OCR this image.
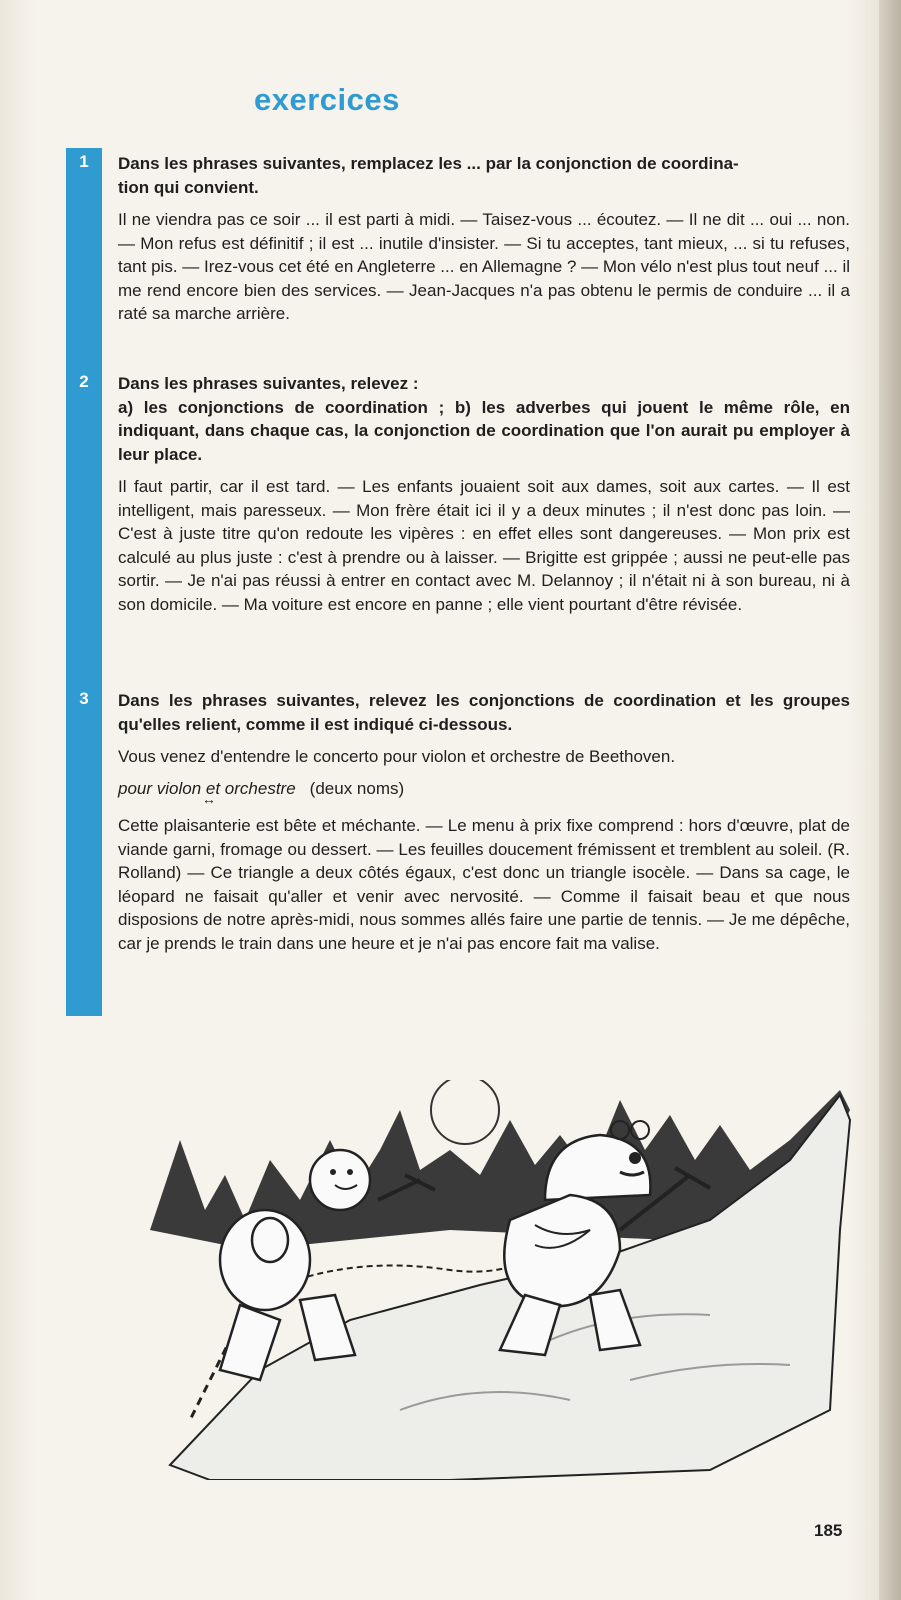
exercices
1
2
3

Dans les phrases suivantes, remplacez les ... par la conjonction de coordina-
tion qui convient.

Il ne viendra pas ce soir ... il est parti à midi. — Taisez-vous ... écoutez. — Il ne dit ... oui ... non. — Mon refus est définitif ; il est ... inutile d'insister. — Si tu acceptes, tant mieux, ... si tu refuses, tant pis. — Irez-vous cet été en Angleterre ... en Allemagne ? — Mon vélo n'est plus tout neuf ... il me rend encore bien des services. — Jean-Jacques n'a pas obtenu le permis de conduire ... il a raté sa marche arrière.

Dans les phrases suivantes, relevez :
a) les conjonctions de coordination ; b) les adverbes qui jouent le même rôle, en indiquant, dans chaque cas, la conjonction de coordination que l'on aurait pu employer à leur place.

Il faut partir, car il est tard. — Les enfants jouaient soit aux dames, soit aux cartes. — Il est intelligent, mais paresseux. — Mon frère était ici il y a deux minutes ; il n'est donc pas loin. — C'est à juste titre qu'on redoute les vipères : en effet elles sont dangereuses. — Mon prix est calculé au plus juste : c'est à prendre ou à laisser. — Brigitte est grippée ; aussi ne peut-elle pas sortir. — Je n'ai pas réussi à entrer en contact avec M. Delannoy ; il n'était ni à son bureau, ni à son domicile. — Ma voiture est encore en panne ; elle vient pourtant d'être révisée.

Dans les phrases suivantes, relevez les conjonctions de coordination et les groupes qu'elles relient, comme il est indiqué ci-dessous.

Vous venez d'entendre le concerto pour violon et orchestre de Beethoven.

pour violon et ↔ orchestre (deux noms)

Cette plaisanterie est bête et méchante. — Le menu à prix fixe comprend : hors d'œuvre, plat de viande garni, fromage ou dessert. — Les feuilles doucement frémissent et tremblent au soleil. (R. Rolland) — Ce triangle a deux côtés égaux, c'est donc un triangle isocèle. — Dans sa cage, le léopard ne faisait qu'aller et venir avec nervosité. — Comme il faisait beau et que nous disposions de notre après-midi, nous sommes allés faire une partie de tennis. — Je me dépêche, car je prends le train dans une heure et je n'ai pas encore fait ma valise.

185
